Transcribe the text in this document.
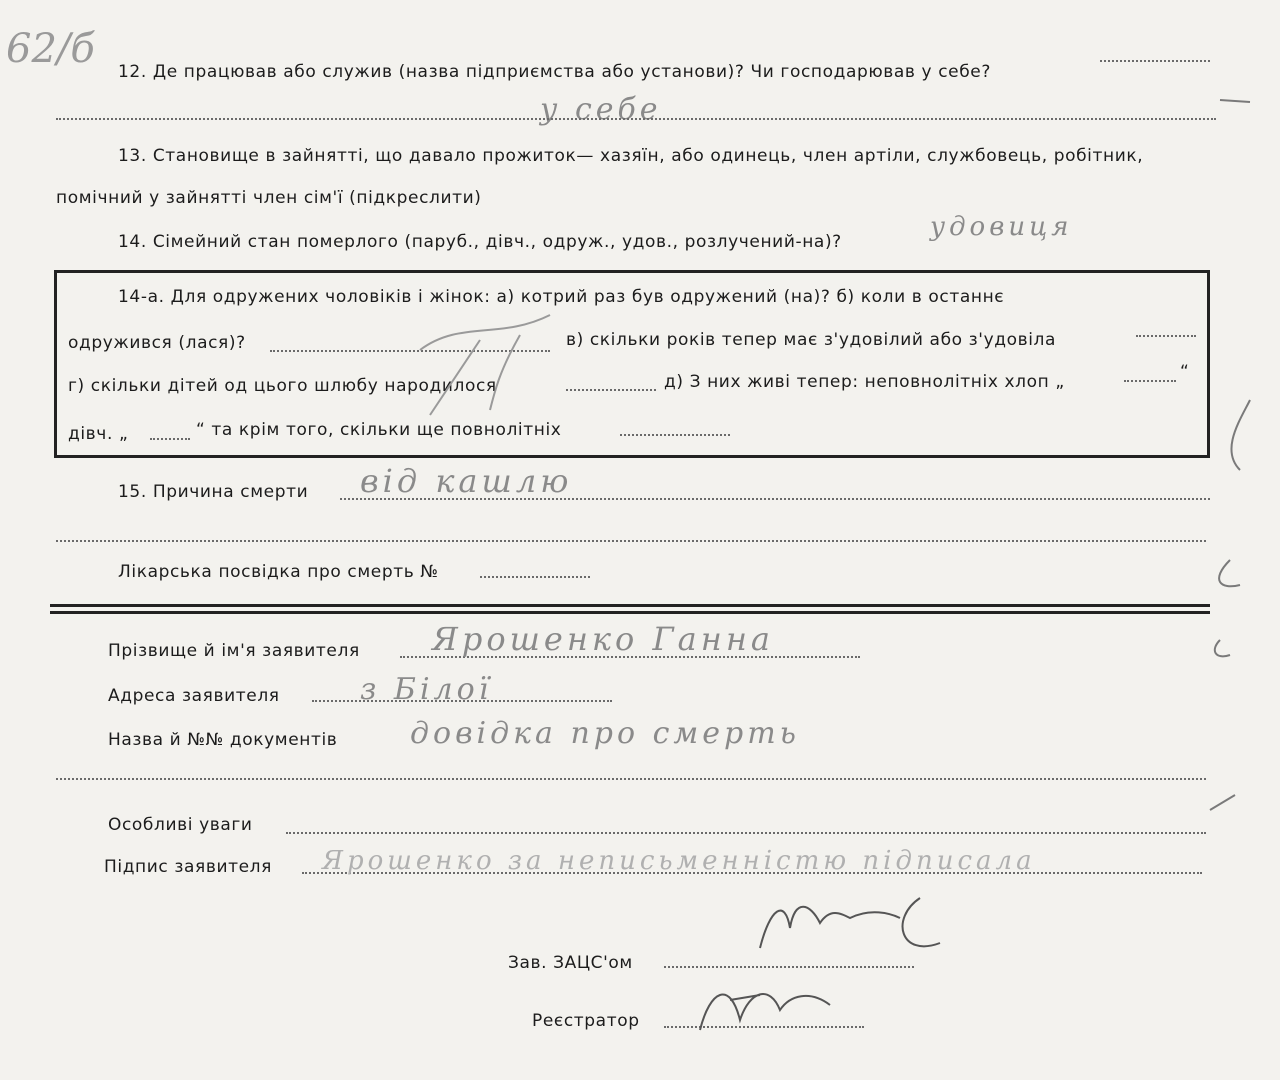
62/б 12. Де працював або служив (назва підприємства або установи)? Чи господарював у себе?
у себе
13. Становище в зайнятті, що давало прожиток— хазяїн, або одинець, член артіли, службовець, робітник,
помічний у зайнятті член сім'ї (підкреслити)
14. Сімейний стан померлого (паруб., дівч., одруж., удов., розлучений-на)?	удовиця
14-а. Для одружених чоловіків і жінок: а) котрий раз був одружений (на)? б) коли в останнє
одружився (лася)?	в) скільки років тепер має з'удовілий або з'удовіла
г) скільки дітей од цього шлюбу народилося	д) З них живі тепер: неповнолітніх хлоп „	“
дівч. „	“ та крім того, скільки ще повнолітніх
15. Причина смерти від кашлю
Лікарська посвідка про смерть №
Прізвище й ім'я заявителя Ярошенко Ганна
Адреса заявителя	з Білої
Назва й №№ документів довідка про смерть
Особливі уваги
Підпис заявителя Ярошенко за неписьменністю підписала
Зав. ЗАЦС'ом
Реєстратор
